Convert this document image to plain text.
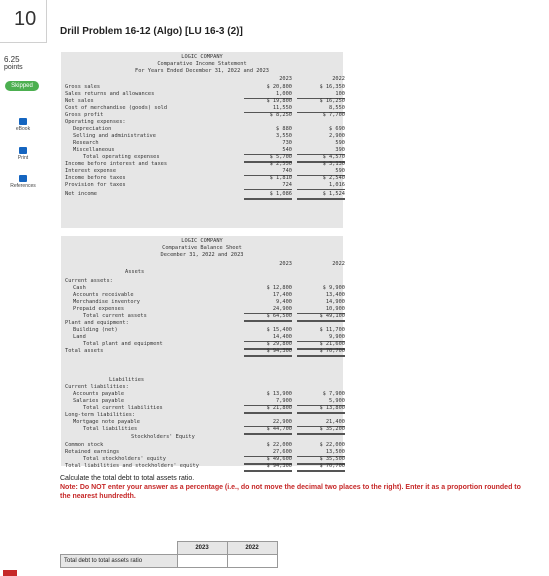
10
6.25
points
Skipped
eBook
Print
References
Drill Problem 16-12 (Algo) [LU 16-3 (2)]
LOGIC COMPANY
Comparative Income Statement
For Years Ended December 31, 2022 and 2023
2023	2022
Gross sales	$ 20,800	$ 16,350
Sales returns and allowances	1,000	100
Net sales	$ 19,800	$ 16,250
Cost of merchandise (goods) sold	11,550	8,550
Gross profit	$ 8,250	$ 7,700
Operating expenses:
Depreciation	$ 880	$ 690
Selling and administrative	3,550	2,900
Research	730	590
Miscellaneous	540	390
Total operating expenses	$ 5,700	$ 4,570
Income before interest and taxes	$ 2,550	$ 3,130
Interest expense	740	590
Income before taxes	$ 1,810	$ 2,540
Provision for taxes	724	1,016
Net income	$ 1,086	$ 1,524
LOGIC COMPANY
Comparative Balance Sheet
December 31, 2022 and 2023
2023	2022
Assets
Current assets:
Cash	$ 12,800	$ 9,900
Accounts receivable	17,400	13,400
Merchandise inventory	9,400	14,900
Prepaid expenses	24,900	10,900
Total current assets	$ 64,500	$ 49,100
Plant and equipment:
Building (net)	$ 15,400	$ 11,700
Land	14,400	9,900
Total plant and equipment	$ 29,800	$ 21,600
Total assets	$ 94,300	$ 70,700
Liabilities
Current liabilities:
Accounts payable	$ 13,900	$ 7,900
Salaries payable	7,900	5,900
Total current liabilities	$ 21,800	$ 13,800
Long-term liabilities:
Mortgage note payable	22,900	21,400
Total liabilities	$ 44,700	$ 35,200
Stockholders' Equity
Common stock	$ 22,000	$ 22,000
Retained earnings	27,600	13,500
Total stockholders' equity	$ 49,600	$ 35,500
Total liabilities and stockholders' equity	$ 94,300	$ 70,700
Calculate the total debt to total assets ratio.
Note: Do NOT enter your answer as a percentage (i.e., do not move the decimal two places to the right). Enter it as a proportion rounded to the nearest hundredth.
	2023	2022
Total debt to total assets ratio		
